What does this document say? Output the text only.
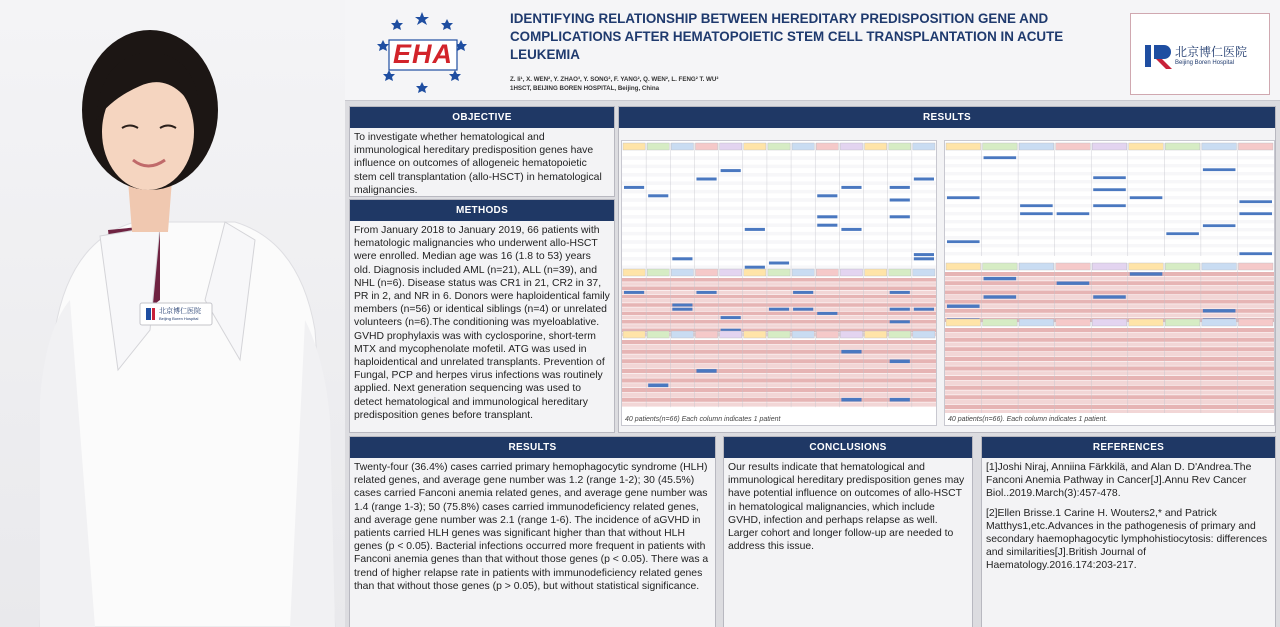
北京博仁医院
Beijing Boren Hospital
EHA
IDENTIFYING RELATIONSHIP BETWEEN HEREDITARY PREDISPOSITION GENE AND COMPLICATIONS AFTER HEMATOPOIETIC STEM CELL TRANSPLANTATION IN ACUTE LEUKEMIA
Z. li¹, X. WEN², Y. ZHAO³, Y. SONG², F. YANG², Q. WEN², L. FENG² T. WU²
1HSCT, BEIJING BOREN HOSPITAL, Beijing, China
北京博仁医院
Beijing Boren Hospital
OBJECTIVE
To investigate whether hematological and immunological hereditary predisposition genes have influence on outcomes of allogeneic hematopoietic stem cell transplantation (allo-HSCT) in hematological malignancies.
METHODS
From January 2018 to January 2019, 66 patients with hematologic malignancies who underwent allo-HSCT were enrolled. Median age was 16 (1.8 to 53) years old. Diagnosis included AML (n=21), ALL (n=39), and NHL (n=6). Disease status was CR1 in 21, CR2 in 37, PR in 2, and NR in 6. Donors were haploidentical family members (n=56) or identical siblings (n=4) or unrelated volunteers (n=6).The conditioning was myeloablative. GVHD prophylaxis was with cyclosporine, short-term MTX and mycophenolate mofetil. ATG was used in haploidentical and unrelated transplants. Prevention of Fungal, PCP and herpes virus infections was routinely applied. Next generation sequencing was used to detect hematological and immunological hereditary predisposition genes before transplant.
RESULTS
40 patients(n=66) Each column indicates 1 patient	40 patients(n=66). Each column indicates 1 patient.
RESULTS
Twenty-four (36.4%) cases carried primary hemophagocytic syndrome (HLH) related genes, and average gene number was 1.2 (range 1-2); 30 (45.5%) cases carried Fanconi anemia related genes, and average gene number was 1.4 (range 1-3); 50 (75.8%) cases carried immunodeficiency related genes, and average gene number was 2.1 (range 1-6). The incidence of aGVHD in patients carried HLH genes was significant higher than that without HLH genes (p < 0.05). Bacterial infections occurred more frequent in patients with Fanconi anemia genes than that without those genes (p < 0.05). There was a trend of higher relapse rate in patients with immunodeficiency related genes than that without those genes (p > 0.05), but without statistical significance.
CONCLUSIONS
Our results indicate that hematological and immunological hereditary predisposition genes may have potential influence on outcomes of allo-HSCT in hematological malignancies, which include GVHD, infection and perhaps relapse as well. Larger cohort and longer follow-up are needed to address this issue.
REFERENCES

[1]Joshi Niraj, Anniina Färkkilä, and Alan D. D'Andrea.The Fanconi Anemia Pathway in Cancer[J].Annu Rev Cancer Biol..2019.March(3):457-478.

[2]Ellen Brisse.1 Carine H. Wouters2,* and Patrick Matthys1,etc.Advances in the pathogenesis of primary and secondary haemophagocytic lymphohistiocytosis: differences and similarities[J].British Journal of Haematology.2016.174:203-217.
